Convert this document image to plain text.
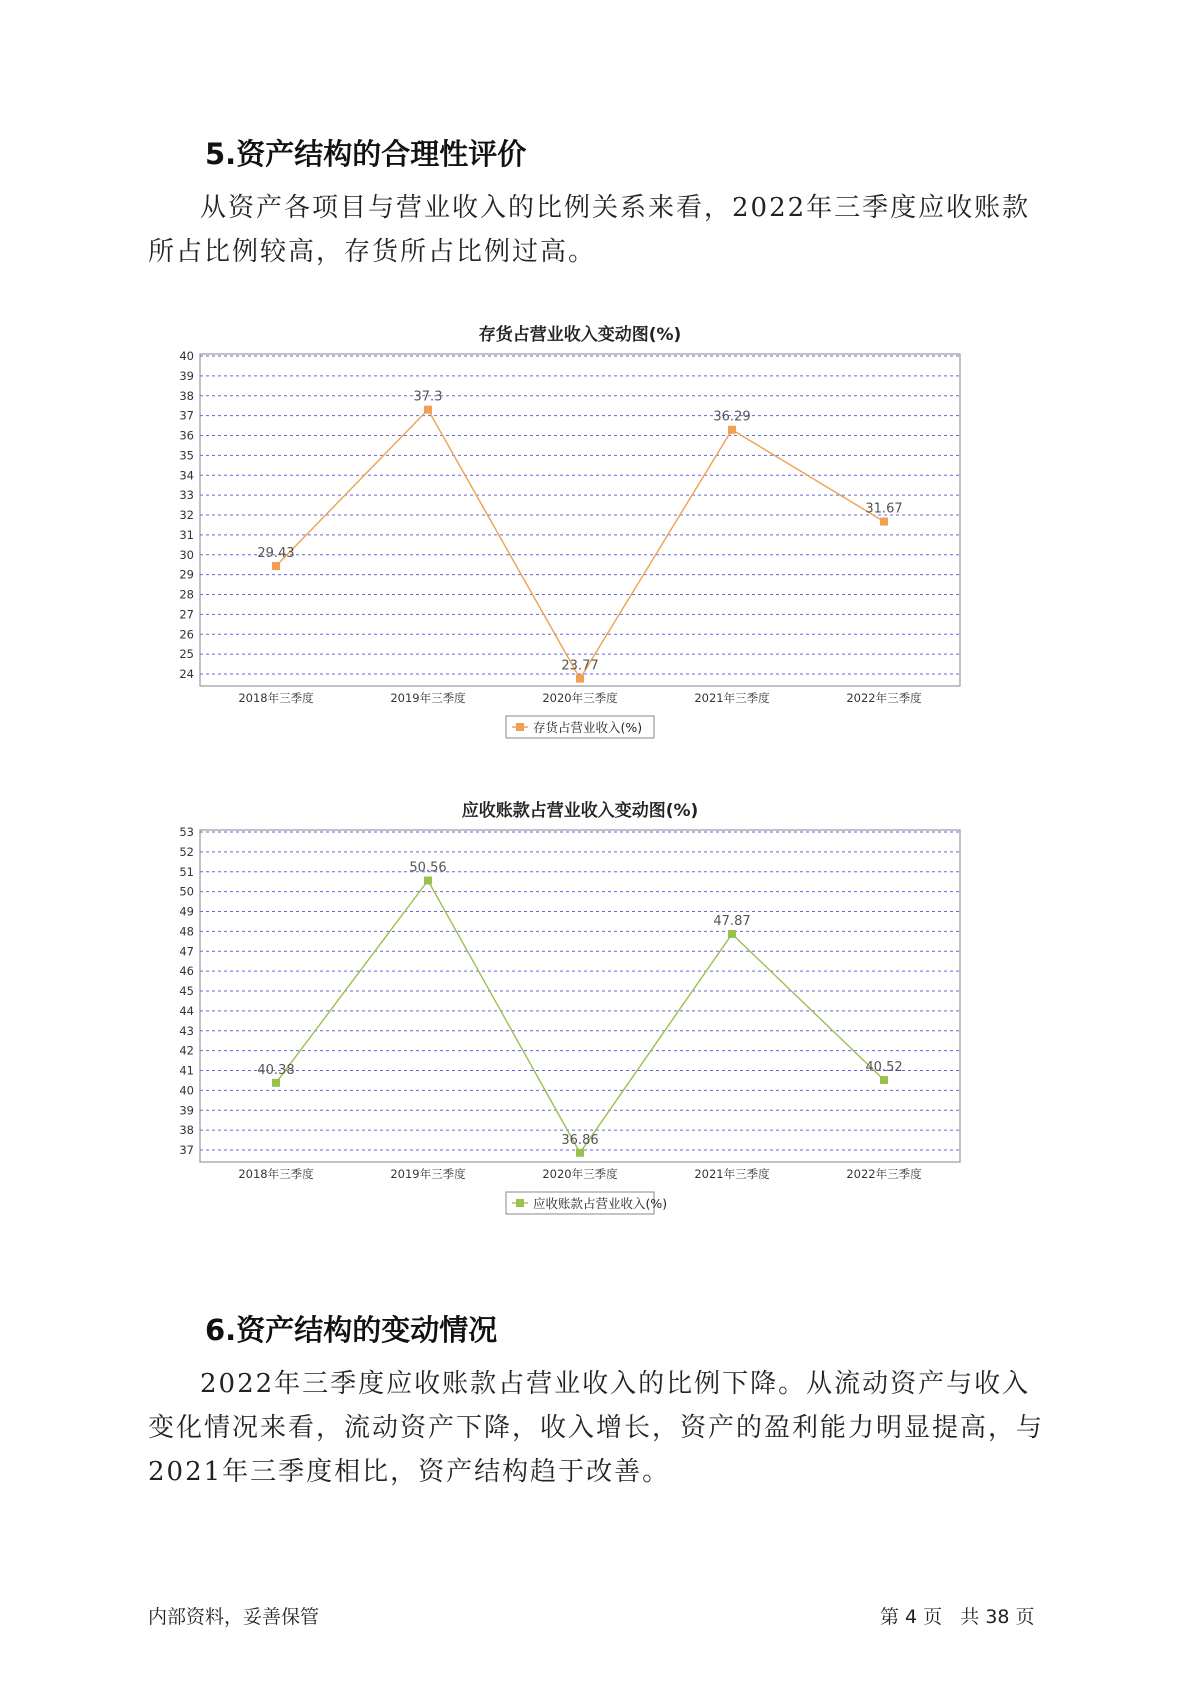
5.资产结构的合理性评价

从资产各项目与营业收入的比例关系来看，2022年三季度应收账款所占比例较高，存货所占比例过高。

存货占营业收入变动图(%)
24
25
26
27
28
29
30
31
32
33
34
35
36
37
38
39
40
2018年三季度	2019年三季度	2020年三季度	2021年三季度	2022年三季度
29.43
37.3
23.77
36.29
31.67
存货占营业收入(%)
应收账款占营业收入变动图(%)
37
38
39
40
41
42
43
44
45
46
47
48
49
50
51
52
53
2018年三季度	2019年三季度	2020年三季度	2021年三季度	2022年三季度
40.38
50.56
36.86
47.87
40.52
应收账款占营业收入(%)
6.资产结构的变动情况

2022年三季度应收账款占营业收入的比例下降。从流动资产与收入变化情况来看，流动资产下降，收入增长，资产的盈利能力明显提高，与2021年三季度相比，资产结构趋于改善。

内部资料，妥善保管	第 4 页   共 38 页
